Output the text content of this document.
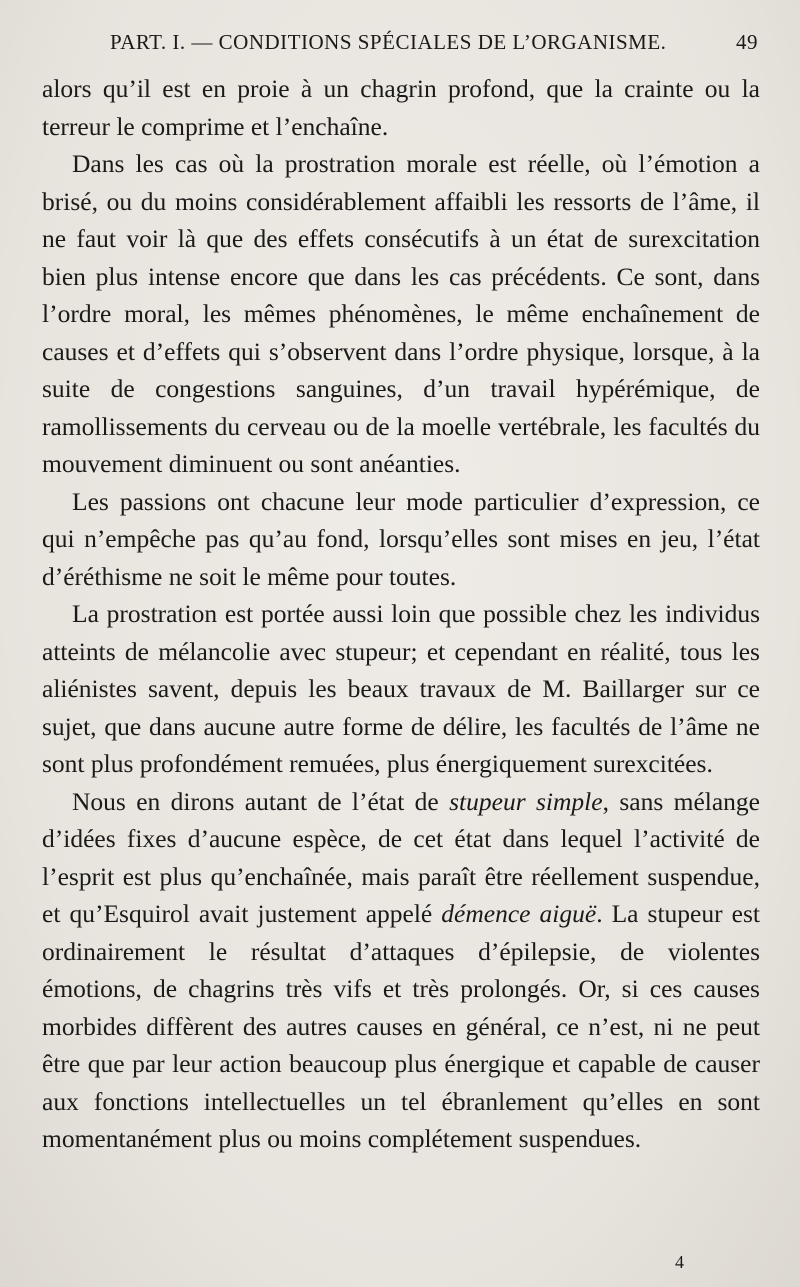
PART. I. — CONDITIONS SPÉCIALES DE L’ORGANISME.	49

alors qu’il est en proie à un chagrin profond, que la crainte ou la terreur le comprime et l’enchaîne.

Dans les cas où la prostration morale est réelle, où l’émotion a brisé, ou du moins considérablement affaibli les ressorts de l’âme, il ne faut voir là que des effets consécutifs à un état de surexcitation bien plus intense encore que dans les cas précédents. Ce sont, dans l’ordre moral, les mêmes phénomènes, le même enchaînement de causes et d’effets qui s’observent dans l’ordre physique, lorsque, à la suite de congestions sanguines, d’un travail hypérémique, de ramollissements du cerveau ou de la moelle vertébrale, les facultés du mouvement diminuent ou sont anéanties.

Les passions ont chacune leur mode particulier d’expression, ce qui n’empêche pas qu’au fond, lorsqu’elles sont mises en jeu, l’état d’éréthisme ne soit le même pour toutes.

La prostration est portée aussi loin que possible chez les individus atteints de mélancolie avec stupeur; et cependant en réalité, tous les aliénistes savent, depuis les beaux travaux de M. Baillarger sur ce sujet, que dans aucune autre forme de délire, les facultés de l’âme ne sont plus profondément remuées, plus énergiquement surexcitées.

Nous en dirons autant de l’état de stupeur simple, sans mélange d’idées fixes d’aucune espèce, de cet état dans lequel l’activité de l’esprit est plus qu’enchaînée, mais paraît être réellement suspendue, et qu’Esquirol avait justement appelé démence aiguë. La stupeur est ordinairement le résultat d’attaques d’épilepsie, de violentes émotions, de chagrins très vifs et très prolongés. Or, si ces causes morbides diffèrent des autres causes en général, ce n’est, ni ne peut être que par leur action beaucoup plus énergique et capable de causer aux fonctions intellectuelles un tel ébranlement qu’elles en sont momentanément plus ou moins complétement suspendues.

4
